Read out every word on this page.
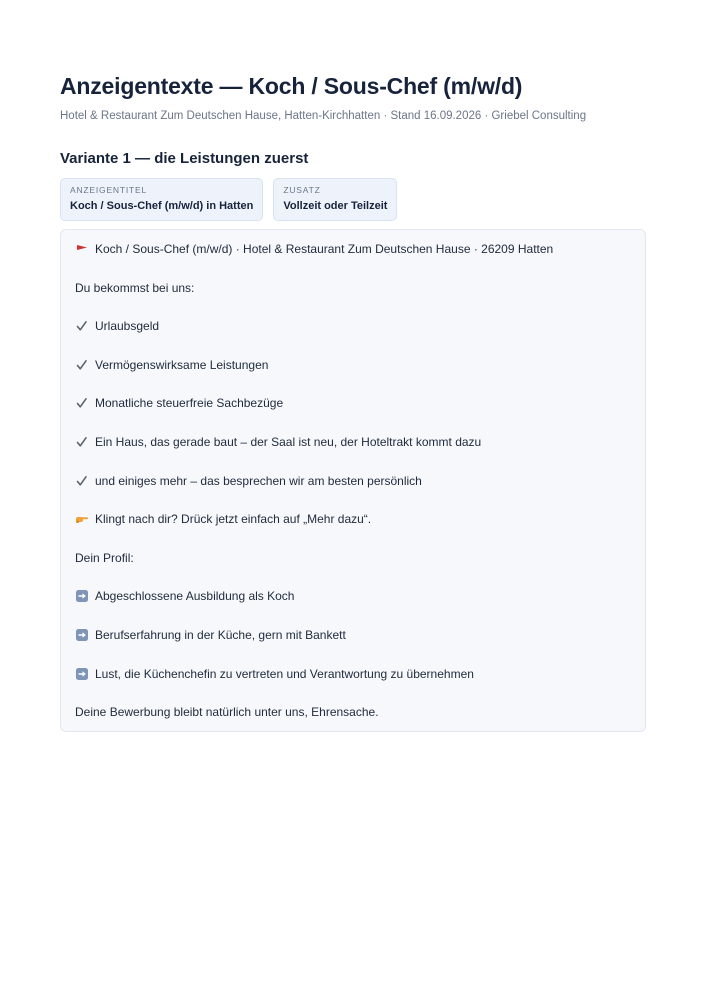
Anzeigentexte — Koch / Sous-Chef (m/w/d)
Hotel & Restaurant Zum Deutschen Hause, Hatten-Kirchhatten · Stand 16.09.2026 · Griebel Consulting
Variante 1 — die Leistungen zuerst
ANZEIGENTITEL
Koch / Sous-Chef (m/w/d) in Hatten
ZUSATZ
Vollzeit oder Teilzeit
Koch / Sous-Chef (m/w/d) · Hotel & Restaurant Zum Deutschen Hause · 26209 Hatten
Du bekommst bei uns:
Urlaubsgeld
Vermögenswirksame Leistungen
Monatliche steuerfreie Sachbezüge
Ein Haus, das gerade baut – der Saal ist neu, der Hoteltrakt kommt dazu
und einiges mehr – das besprechen wir am besten persönlich
Klingt nach dir? Drück jetzt einfach auf „Mehr dazu“.
Dein Profil:
Abgeschlossene Ausbildung als Koch
Berufserfahrung in der Küche, gern mit Bankett
Lust, die Küchenchefin zu vertreten und Verantwortung zu übernehmen
Deine Bewerbung bleibt natürlich unter uns, Ehrensache.
